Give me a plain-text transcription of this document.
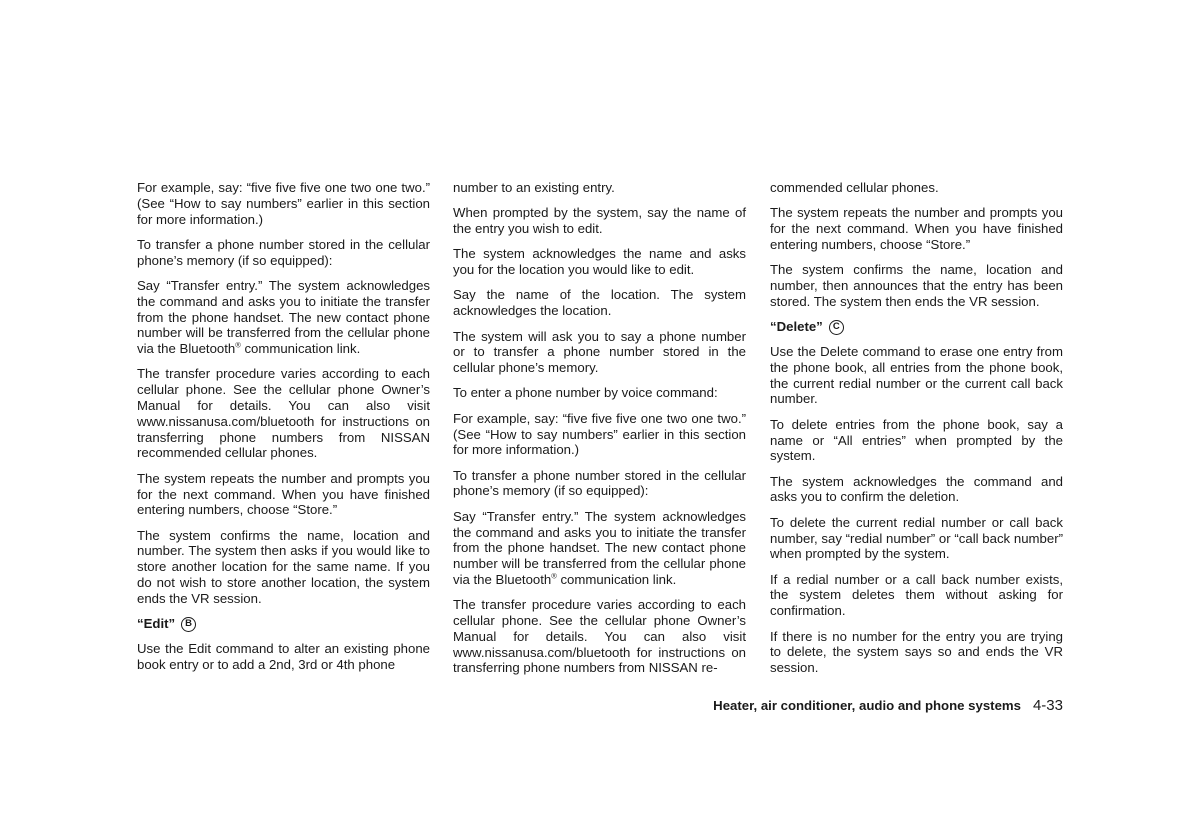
For example, say: “five five five one two one two.” (See “How to say numbers” earlier in this section for more information.)

To transfer a phone number stored in the cellular phone’s memory (if so equipped):

Say “Transfer entry.” The system acknowledges the command and asks you to initiate the transfer from the phone handset. The new contact phone number will be transferred from the cellular phone via the Bluetooth® communication link.

The transfer procedure varies according to each cellular phone. See the cellular phone Owner’s Manual for details. You can also visit www.nissanusa.com/bluetooth for instructions on transferring phone numbers from NISSAN recommended cellular phones.

The system repeats the number and prompts you for the next command. When you have finished entering numbers, choose “Store.”

The system confirms the name, location and number. The system then asks if you would like to store another location for the same name. If you do not wish to store another location, the system ends the VR session.

“Edit”	B

Use the Edit command to alter an existing phone book entry or to add a 2nd, 3rd or 4th phone

number to an existing entry.

When prompted by the system, say the name of the entry you wish to edit.

The system acknowledges the name and asks you for the location you would like to edit.

Say the name of the location. The system acknowledges the location.

The system will ask you to say a phone number or to transfer a phone number stored in the cellular phone’s memory.

To enter a phone number by voice command:

For example, say: “five five five one two one two.” (See “How to say numbers” earlier in this section for more information.)

To transfer a phone number stored in the cellular phone’s memory (if so equipped):

Say “Transfer entry.” The system acknowledges the command and asks you to initiate the transfer from the phone handset. The new contact phone number will be transferred from the cellular phone via the Bluetooth® communication link.

The transfer procedure varies according to each cellular phone. See the cellular phone Owner’s Manual for details. You can also visit www.nissanusa.com/bluetooth for instructions on transferring phone numbers from NISSAN re-

commended cellular phones.

The system repeats the number and prompts you for the next command. When you have finished entering numbers, choose “Store.”

The system confirms the name, location and number, then announces that the entry has been stored. The system then ends the VR session.

“Delete”	C

Use the Delete command to erase one entry from the phone book, all entries from the phone book, the current redial number or the current call back number.

To delete entries from the phone book, say a name or “All entries” when prompted by the system.

The system acknowledges the command and asks you to confirm the deletion.

To delete the current redial number or call back number, say “redial number” or “call back number” when prompted by the system.

If a redial number or a call back number exists, the system deletes them without asking for confirmation.

If there is no number for the entry you are trying to delete, the system says so and ends the VR session.

Heater, air conditioner, audio and phone systems 4-33
